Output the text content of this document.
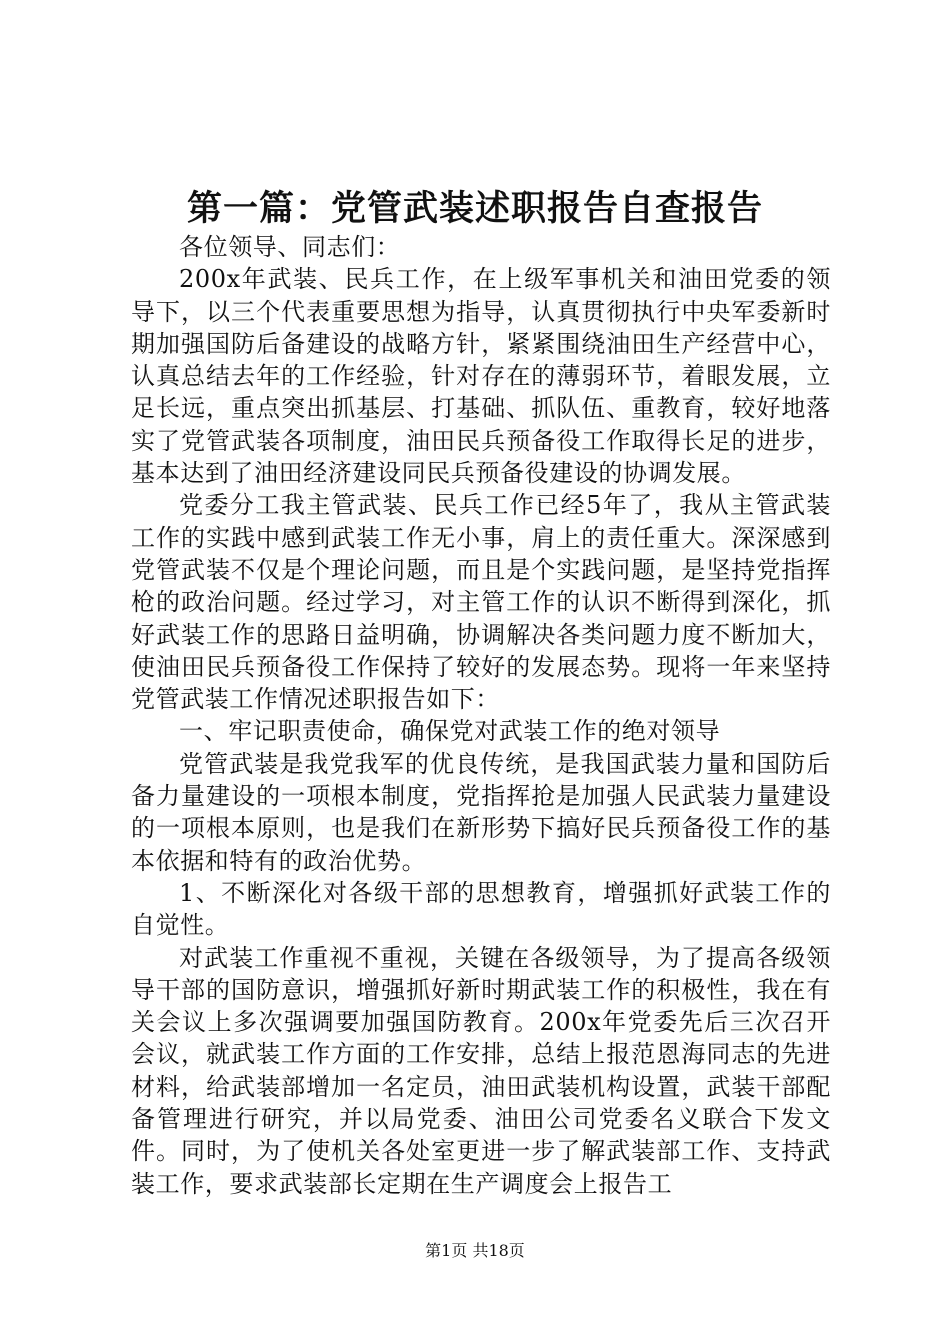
第一篇：党管武装述职报告自查报告

各位领导、同志们：

200x年武装、民兵工作，在上级军事机关和油田党委的领导下，以三个代表重要思想为指导，认真贯彻执行中央军委新时期加强国防后备建设的战略方针，紧紧围绕油田生产经营中心，认真总结去年的工作经验，针对存在的薄弱环节，着眼发展，立足长远，重点突出抓基层、打基础、抓队伍、重教育，较好地落实了党管武装各项制度，油田民兵预备役工作取得长足的进步，基本达到了油田经济建设同民兵预备役建设的协调发展。

党委分工我主管武装、民兵工作已经5年了，我从主管武装工作的实践中感到武装工作无小事，肩上的责任重大。深深感到党管武装不仅是个理论问题，而且是个实践问题，是坚持党指挥枪的政治问题。经过学习，对主管工作的认识不断得到深化，抓好武装工作的思路日益明确，协调解决各类问题力度不断加大，使油田民兵预备役工作保持了较好的发展态势。现将一年来坚持党管武装工作情况述职报告如下：

一、牢记职责使命，确保党对武装工作的绝对领导

党管武装是我党我军的优良传统，是我国武装力量和国防后备力量建设的一项根本制度，党指挥抢是加强人民武装力量建设的一项根本原则，也是我们在新形势下搞好民兵预备役工作的基本依据和特有的政治优势。

1、不断深化对各级干部的思想教育，增强抓好武装工作的自觉性。

对武装工作重视不重视，关键在各级领导，为了提高各级领导干部的国防意识，增强抓好新时期武装工作的积极性，我在有关会议上多次强调要加强国防教育。200x年党委先后三次召开会议，就武装工作方面的工作安排，总结上报范恩海同志的先进材料，给武装部增加一名定员，油田武装机构设置，武装干部配备管理进行研究，并以局党委、油田公司党委名义联合下发文件。同时，为了使机关各处室更进一步了解武装部工作、支持武装工作，要求武装部长定期在生产调度会上报告工

第1页 共18页
